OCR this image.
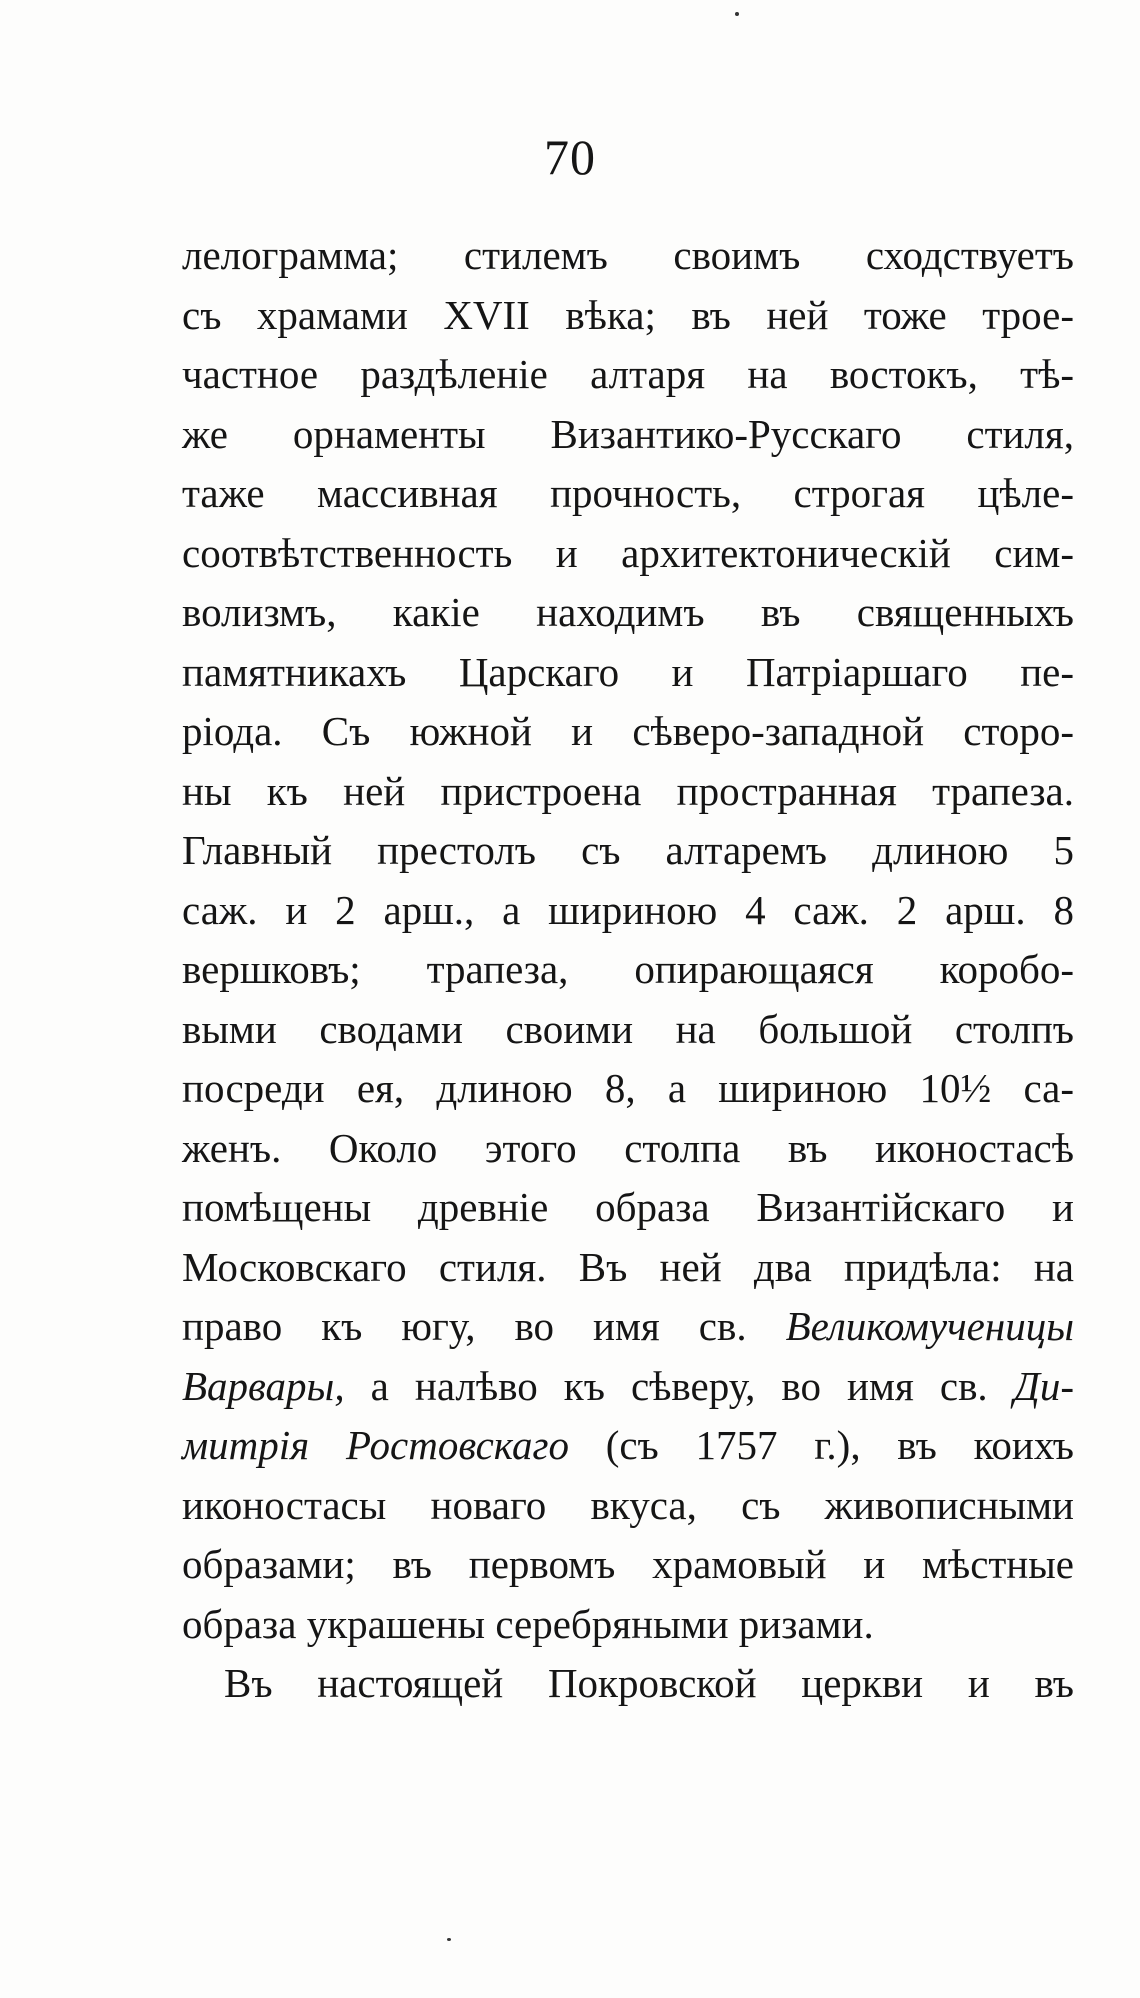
70
лелограмма; стилемъ своимъ сходствуетъ
съ храмами XVII вѣка; въ ней тоже трое-
частное раздѣленіе алтаря на востокъ, тѣ-
же орнаменты Византико-Русскаго стиля,
таже массивная прочность, строгая цѣле-
соотвѣтственность и архитектоническій сим-
волизмъ, какіе находимъ въ священныхъ
памятникахъ Царскаго и Патріаршаго пе-
ріода. Съ южной и сѣверо-западной сторо-
ны къ ней пристроена пространная трапеза.
Главный престолъ съ алтаремъ длиною 5
саж. и 2 арш., а шириною 4 саж. 2 арш. 8
вершковъ; трапеза, опирающаяся коробо-
выми сводами своими на большой столпъ
посреди ея, длиною 8, а шириною 10½ са-
женъ. Около этого столпа въ иконостасѣ
помѣщены древніе образа Византійскаго и
Московскаго стиля. Въ ней два придѣла: на
право къ югу, во имя св. Великомученицы
Варвары, а налѣво къ сѣверу, во имя св. Ди-
митрія Ростовскаго (съ 1757 г.), въ коихъ
иконостасы новаго вкуса, съ живописными
образами; въ первомъ храмовый и мѣстные
образа украшены серебряными ризами.
Въ настоящей Покровской церкви и въ
